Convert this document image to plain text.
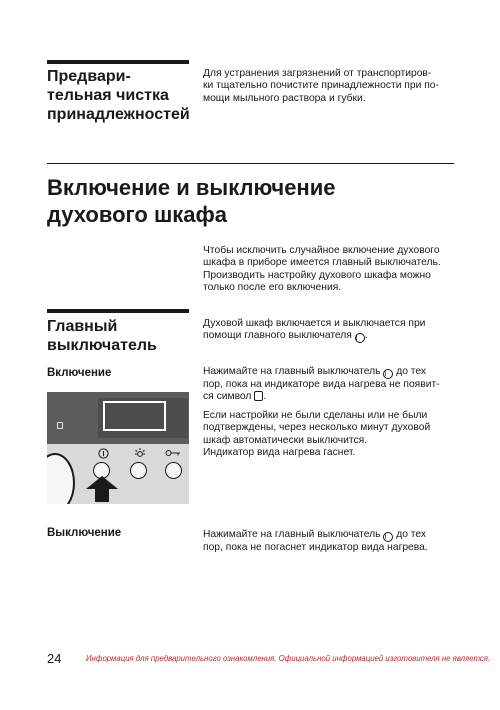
Предвари-
тельная чистка
принадлежностей
Для устранения загрязнений от транспортиров-
ки тщательно почистите принадлежности при по-
мощи мыльного раствора и губки.
Включение и выключение
духового шкафа
Чтобы исключить случайное включение духового
шкафа в приборе имеется главный выключатель.
Производить настройку духового шкафа можно
только после его включения.
Главный
выключатель
Духовой шкаф включается и выключается при
помощи главного выключателя I .
Включение	Нажимайте на главный выключатель I до тех
пор, пока на индикаторе вида нагрева не появит-
ся символ .
Если настройки не были сделаны или не были
подтверждены, через несколько минут духовой
шкаф автоматически выключится.
Индикатор вида нагрева гаснет.
Выключение	Нажимайте на главный выключатель I до тех
пор, пока не погаснет индикатор вида нагрева.
24	Информация для предварительного ознакомления. Официальной информацией изготовителя не является.
